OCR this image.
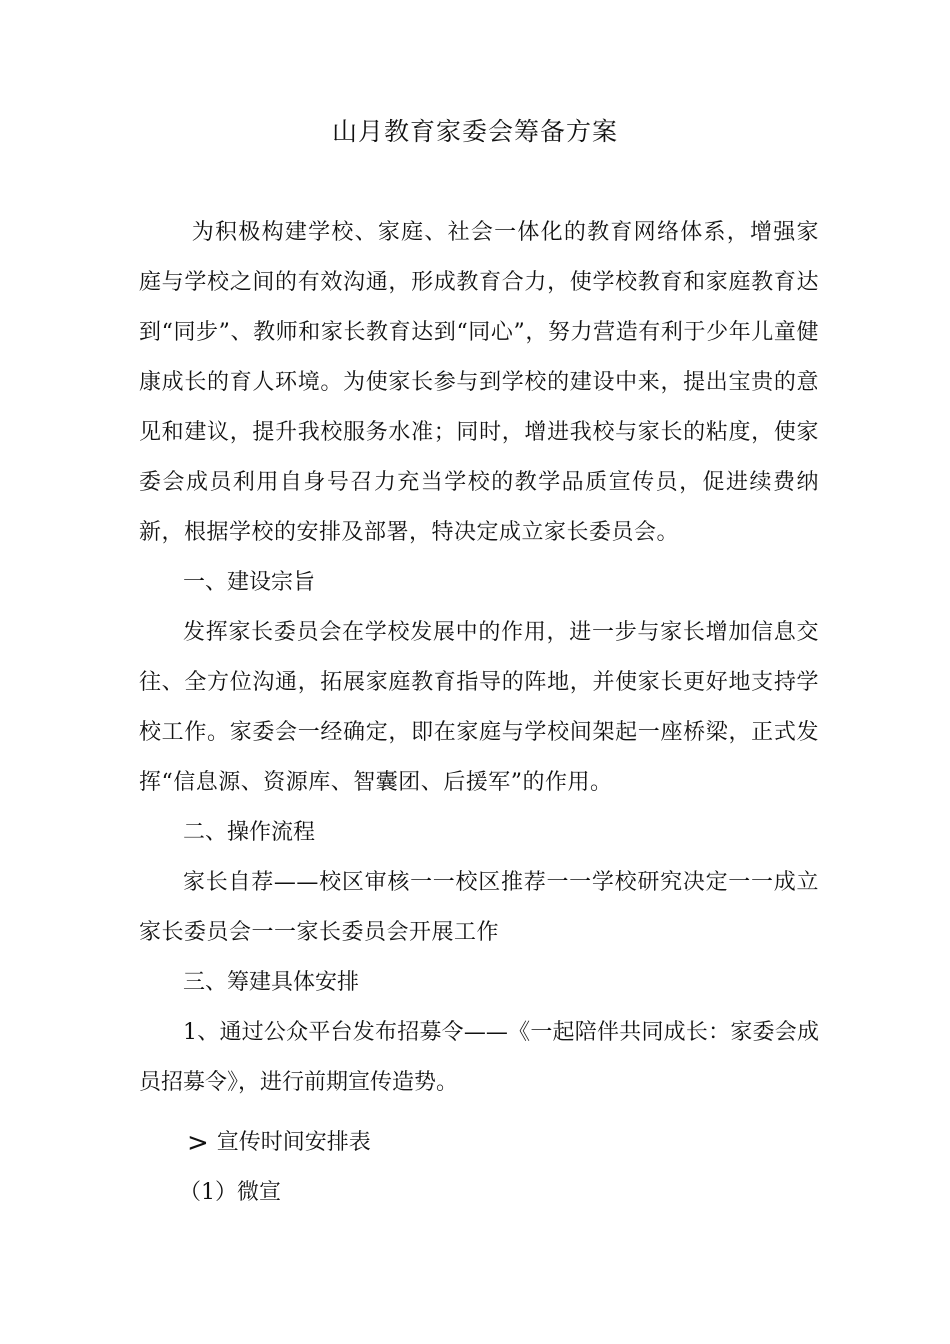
山月教育家委会筹备方案

为积极构建学校、家庭、社会一体化的教育网络体系，增强家庭与学校之间的有效沟通，形成教育合力，使学校教育和家庭教育达到“同步”、教师和家长教育达到“同心”，努力营造有利于少年儿童健康成长的育人环境。为使家长参与到学校的建设中来，提出宝贵的意见和建议，提升我校服务水准；同时，增进我校与家长的粘度，使家委会成员利用自身号召力充当学校的教学品质宣传员，促进续费纳新，根据学校的安排及部署，特决定成立家长委员会。

一、建设宗旨

发挥家长委员会在学校发展中的作用，进一步与家长增加信息交往、全方位沟通，拓展家庭教育指导的阵地，并使家长更好地支持学校工作。家委会一经确定，即在家庭与学校间架起一座桥梁，正式发挥“信息源、资源库、智囊团、后援军”的作用。

二、操作流程

家长自荐——校区审核一一校区推荐一一学校研究决定一一成立家长委员会一一家长委员会开展工作

三、筹建具体安排

1、通过公众平台发布招募令——《一起陪伴共同成长：家委会成员招募令》，进行前期宣传造势。

> 宣传时间安排表

（1）微宣
